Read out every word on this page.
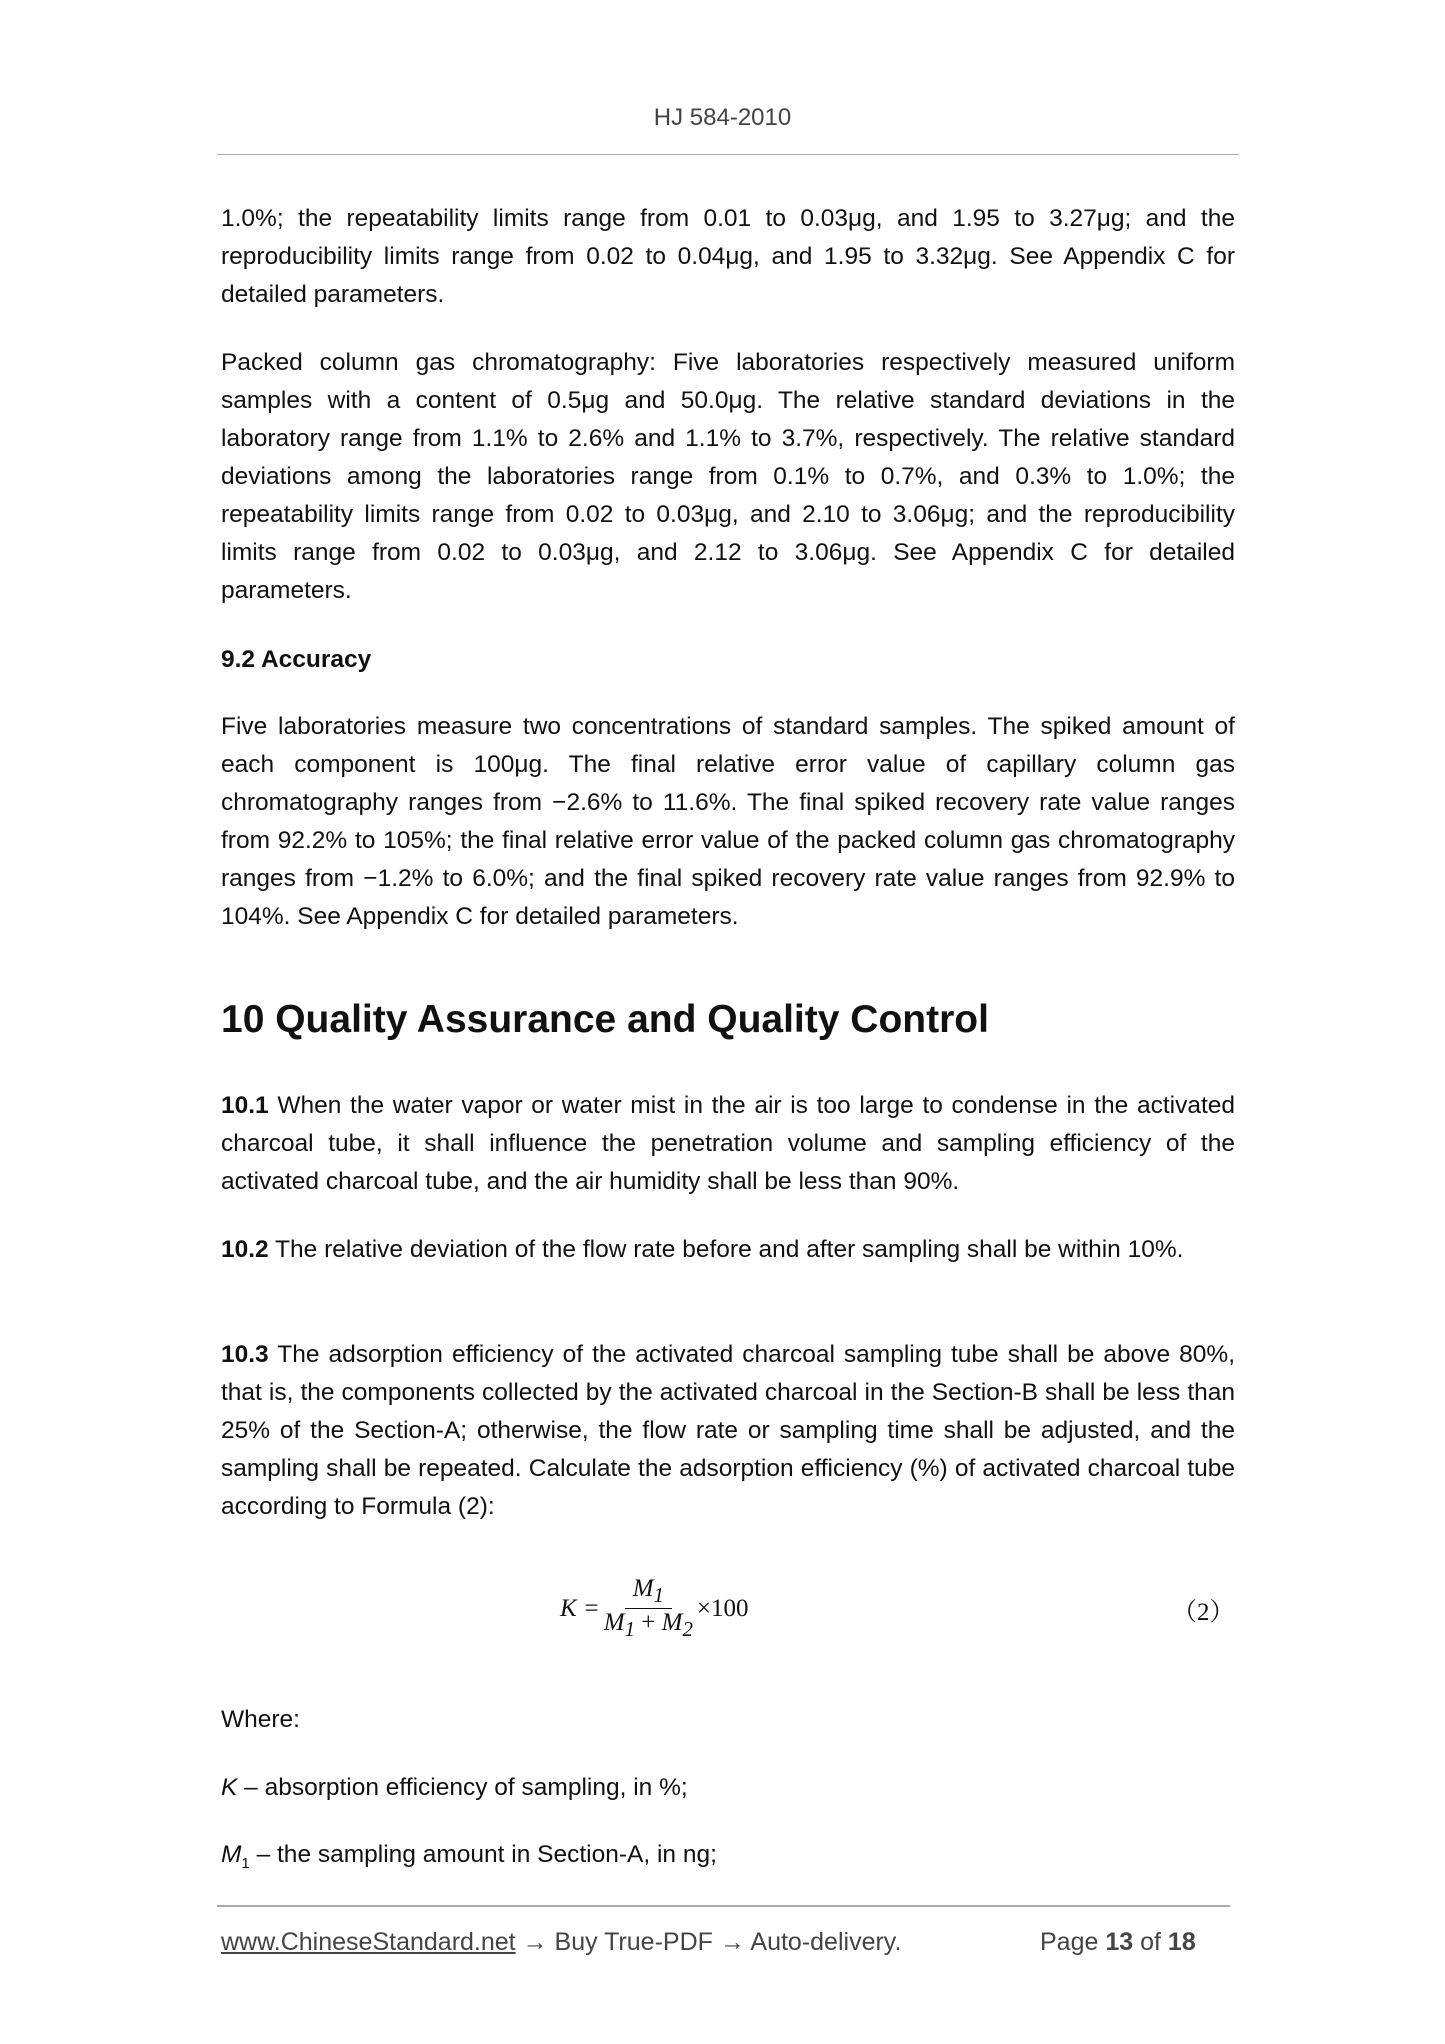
HJ 584-2010
1.0%; the repeatability limits range from 0.01 to 0.03μg, and 1.95 to 3.27μg; and the reproducibility limits range from 0.02 to 0.04μg, and 1.95 to 3.32μg. See Appendix C for detailed parameters.
Packed column gas chromatography: Five laboratories respectively measured uniform samples with a content of 0.5μg and 50.0μg. The relative standard deviations in the laboratory range from 1.1% to 2.6% and 1.1% to 3.7%, respectively. The relative standard deviations among the laboratories range from 0.1% to 0.7%, and 0.3% to 1.0%; the repeatability limits range from 0.02 to 0.03μg, and 2.10 to 3.06μg; and the reproducibility limits range from 0.02 to 0.03μg, and 2.12 to 3.06μg. See Appendix C for detailed parameters.
9.2 Accuracy
Five laboratories measure two concentrations of standard samples. The spiked amount of each component is 100μg. The final relative error value of capillary column gas chromatography ranges from −2.6% to 11.6%. The final spiked recovery rate value ranges from 92.2% to 105%; the final relative error value of the packed column gas chromatography ranges from −1.2% to 6.0%; and the final spiked recovery rate value ranges from 92.9% to 104%. See Appendix C for detailed parameters.
10 Quality Assurance and Quality Control
10.1 When the water vapor or water mist in the air is too large to condense in the activated charcoal tube, it shall influence the penetration volume and sampling efficiency of the activated charcoal tube, and the air humidity shall be less than 90%.
10.2 The relative deviation of the flow rate before and after sampling shall be within 10%.
10.3 The adsorption efficiency of the activated charcoal sampling tube shall be above 80%, that is, the components collected by the activated charcoal in the Section-B shall be less than 25% of the Section-A; otherwise, the flow rate or sampling time shall be adjusted, and the sampling shall be repeated. Calculate the adsorption efficiency (%) of activated charcoal tube according to Formula (2):
$K = \frac{M_1}{M_1 + M_2} \times 100$	（2）
Where:
K – absorption efficiency of sampling, in %;
$M_1$ – the sampling amount in Section-A, in ng;
www.ChineseStandard.net → Buy True-PDF → Auto-delivery.	Page 13 of 18
